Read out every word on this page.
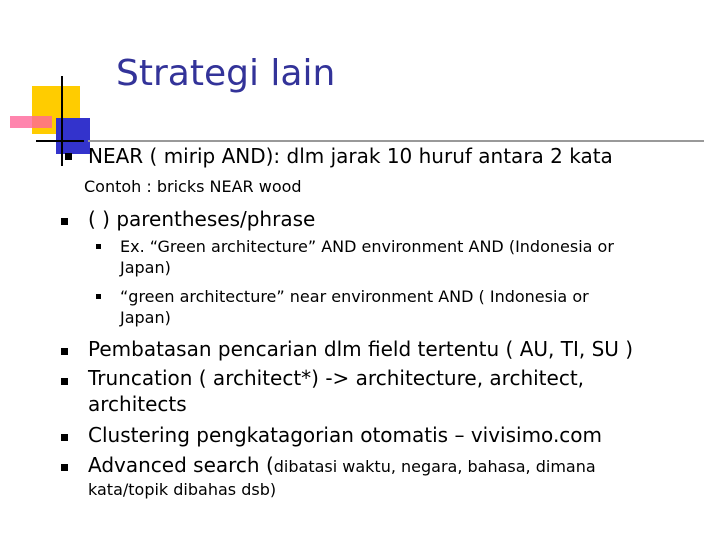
Strategi lain
NEAR ( mirip AND): dlm jarak 10 huruf antara 2 kata
Contoh : bricks NEAR wood
( ) parentheses/phrase
Ex. “Green architecture” AND environment AND (Indonesia or
Japan)
“green architecture” near environment AND ( Indonesia or
Japan)
Pembatasan pencarian dlm field tertentu ( AU, TI, SU )
Truncation ( architect*) -> architecture, architect,
architects
Clustering pengkatagorian otomatis – vivisimo.com
Advanced search (dibatasi waktu, negara, bahasa, dimana
kata/topik dibahas dsb)
